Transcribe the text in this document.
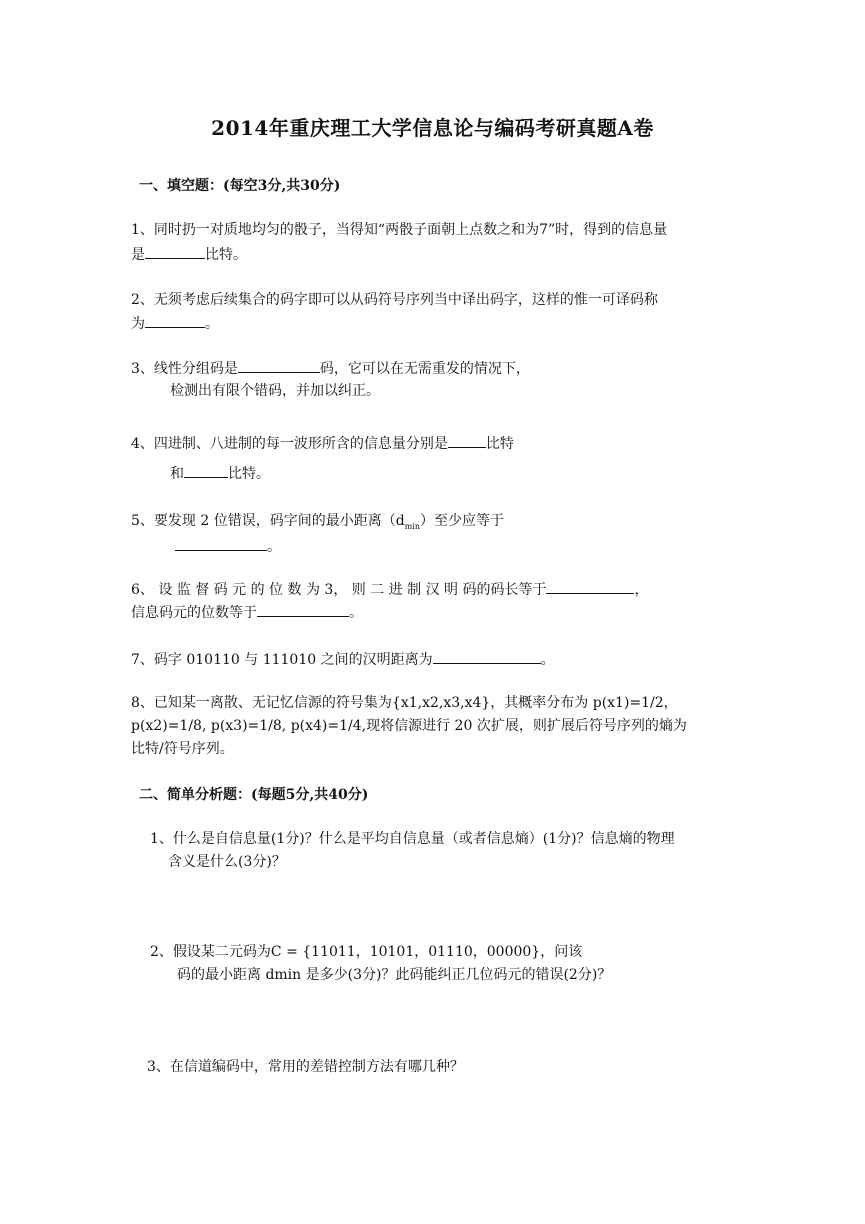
2014年重庆理工大学信息论与编码考研真题A卷
一、填空题：(每空3分,共30分)
1、同时扔一对质地均匀的骰子，当得知“两骰子面朝上点数之和为7”时，得到的信息量
是	比特。
2、无须考虑后续集合的码字即可以从码符号序列当中译出码字，这样的惟一可译码称
为	。
3、线性分组码是	码，它可以在无需重发的情况下，
检测出有限个错码，并加以纠正。
4、四进制、八进制的每一波形所含的信息量分别是	比特
和	比特。
5、要发现 2 位错误，码字间的最小距离$(d_{min})$至少应等于
。
6、 设 监 督 码 元 的 位 数 为 3， 则 二 进 制 汉 明 码的码长等于	，
信息码元的位数等于	。
7、码字 010110 与 111010 之间的汉明距离为	。
8、已知某一离散、无记忆信源的符号集为{x1,x2,x3,x4}，其概率分布为 p(x1)=1/2，
p(x2)=1/8, p(x3)=1/8, p(x4)=1/4,现将信源进行 20 次扩展，则扩展后符号序列的熵为
比特/符号序列。
二、简单分析题：(每题5分,共40分)
1、什么是自信息量(1分)？什么是平均自信息量（或者信息熵）(1分)？信息熵的物理
含义是什么(3分)？
2、假设某二元码为C = {11011，10101，01110，00000}，问该
码的最小距离 dmin 是多少(3分)？此码能纠正几位码元的错误(2分)？
3、在信道编码中，常用的差错控制方法有哪几种？
